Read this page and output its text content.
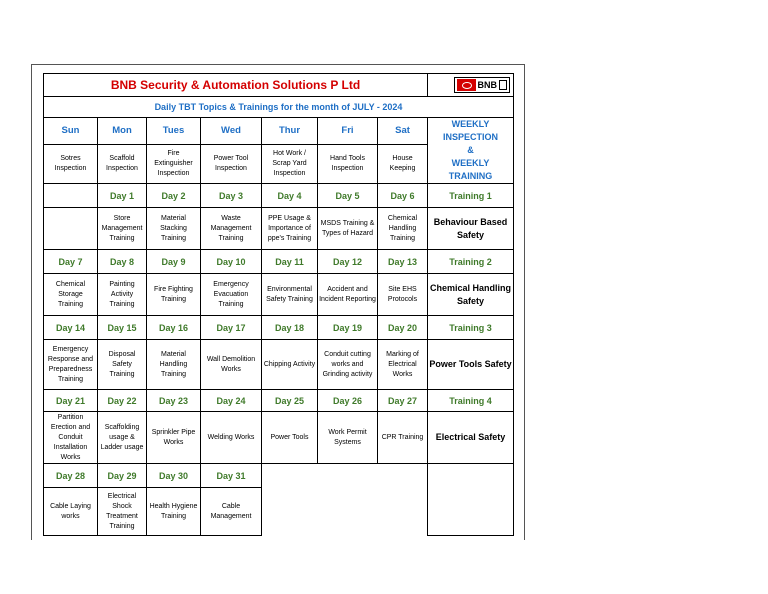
BNB Security & Automation Solutions P Ltd							BNB

Daily TBT Topics & Trainings for the month of JULY - 2024							
Sun	Mon	Tues	Wed	Thur	Fri	Sat	WEEKLY
INSPECTION
&
WEEKLY TRAINING

Sotres Inspection	Scaffold Inspection	Fire Extinguisher Inspection	Power Tool Inspection	Hot Work / Scrap Yard Inspection	Hand Tools Inspection	House Keeping	
	Day 1	Day 2	Day 3	Day 4	Day 5	Day 6	Training 1
	Store Management Training	Material Stacking Training	Waste Management Training	PPE Usage & Importance of ppe's Training	MSDS Training & Types of Hazard	Chemical Handling Training	Behaviour Based Safety
Day 7	Day 8	Day 9	Day 10	Day 11	Day 12	Day 13	Training 2
Chemical Storage Training	Painting Activity Training	Fire Fighting Training	Emergency Evacuation Training	Environmental Safety Training	Accident and Incident Reporting	Site EHS Protocols	Chemical Handling Safety
Day 14	Day 15	Day 16	Day 17	Day 18	Day 19	Day 20	Training 3
Emergency Response and Preparedness Training	Disposal Safety Training	Material Handling Training	Wall Demolition Works	Chipping Activity	Conduit cutting works and Grinding activity	Marking of Electrical Works	Power Tools Safety
Day 21	Day 22	Day 23	Day 24	Day 25	Day 26	Day 27	Training 4
Partition Erection and Conduit Installation Works	Scaffolding usage & Ladder usage	Sprinkler Pipe Works	Welding Works	Power Tools	Work Permit Systems	CPR Training	Electrical Safety
Day 28	Day 29	Day 30	Day 31				
Cable Laying works	Electrical Shock Treatment Training	Health Hygiene Training	Cable Management				
